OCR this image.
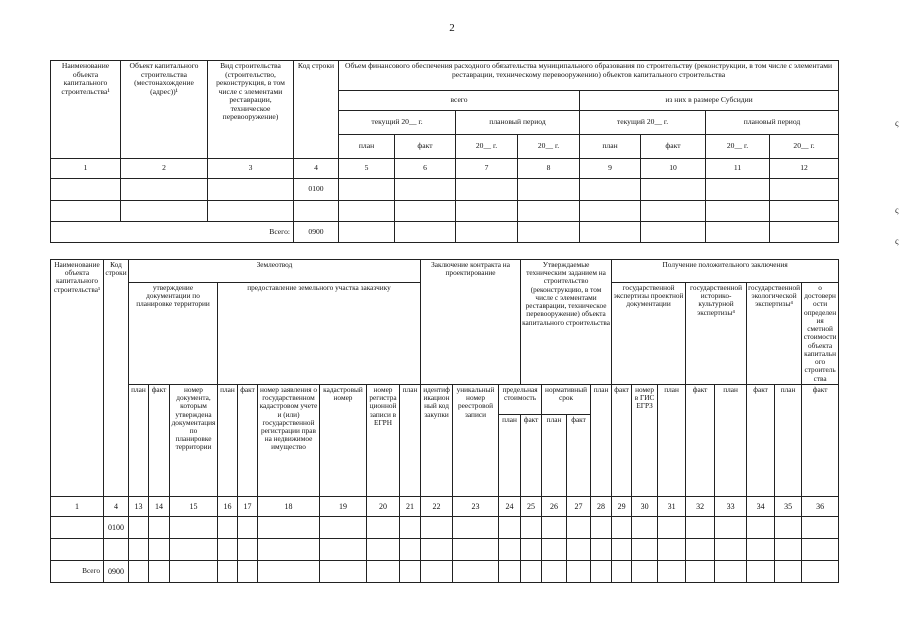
2
ς
ς
ς
Наименование объекта капитального строительства¹	Объект капитального строительства (местонахождение (адрес))¹	Вид строительства (строительство, реконструкция, в том числе с элементами реставрации, техническое перевооружение)	Код строки	Объем финансового обеспечения расходного обязательства муниципального образования по строительству (реконструкции, в том числе с элементами реставрации, техническому перевооружению) объектов капитального строительства							
				всего				из них в размере Субсидии			
				текущий 20__ г.		плановый период		текущий 20__ г.		плановый период	
				план	факт	20__ г.	20__ г.	план	факт	20__ г.	20__ г.
1	2	3	4	5	6	7	8	9	10	11	12
			0100								

Всего:			0900								
Наименование объекта капитального строительства¹	Код строки	Землеотвод									Заключение контракта на проектирование			Утверждаемые техническим заданием на строительство (реконструкцию, в том числе с элементами реставрации, техническое перевооружение) объекта капитального строительства				Получение положительного заключения							
		утверждение документации по планировке территории			предоставление земельного участка заказчику													государственной экспертизы проектной документации			государственной историко-культурной экспертизы⁴		государственной экологической экспертизы⁴		о достоверности определения сметной стоимости объекта капитального строительства
		план	факт	номер документа, которым утверждена документация по планировке территории	план	факт	номер заявления о государственном кадастровом учете и (или) государственной регистрации прав на недвижимое имущество	кадастровый номер	номер регистрационной записи в ЕГРН	план	идентификационный код закупки	уникальный номер реестровой записи	предельная стоимость		нормативный срок		план	факт	номер в ГИС ЕГРЗ	план	факт	план	факт	план	факт
													план	факт	план	факт									
1	4	13	14	15	16	17	18	19	20	21	22	23	24	25	26	27	28	29	30	31	32	33	34	35	36
	0100																								

Всего	0900																								
